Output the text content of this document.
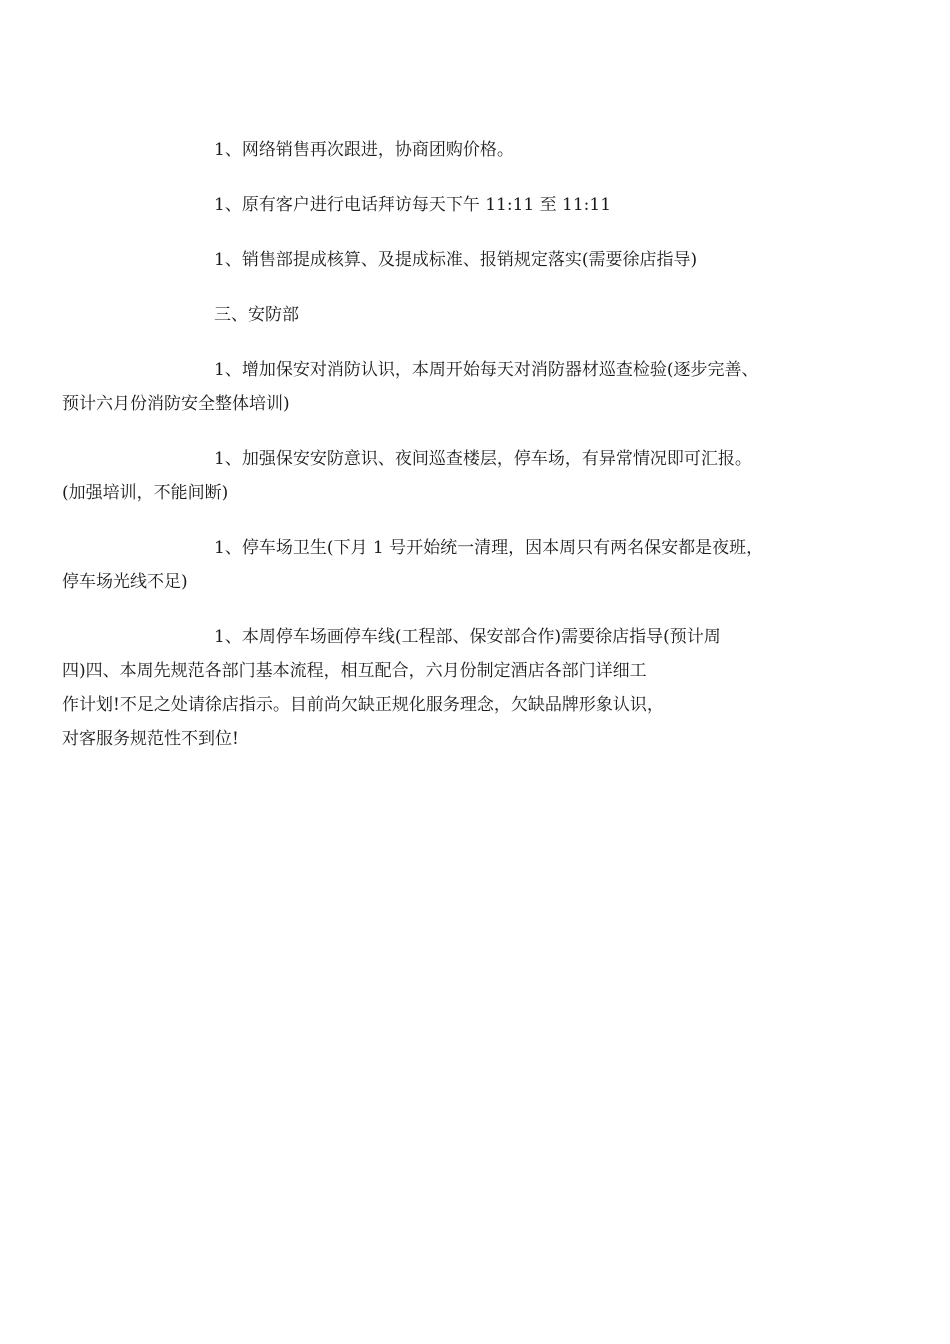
1、网络销售再次跟进，协商团购价格。

1、原有客户进行电话拜访每天下午 11:11 至 11:11

1、销售部提成核算、及提成标准、报销规定落实(需要徐店指导)

三、安防部

1、增加保安对消防认识，本周开始每天对消防器材巡查检验(逐步完善、
预计六月份消防安全整体培训)

1、加强保安安防意识、夜间巡查楼层，停车场，有异常情况即可汇报。
(加强培训，不能间断)

1、停车场卫生(下月 1 号开始统一清理，因本周只有两名保安都是夜班，
停车场光线不足)

1、本周停车场画停车线(工程部、保安部合作)需要徐店指导(预计周
四)四、本周先规范各部门基本流程，相互配合，六月份制定酒店各部门详细工
作计划!不足之处请徐店指示。目前尚欠缺正规化服务理念，欠缺品牌形象认识，
对客服务规范性不到位!
